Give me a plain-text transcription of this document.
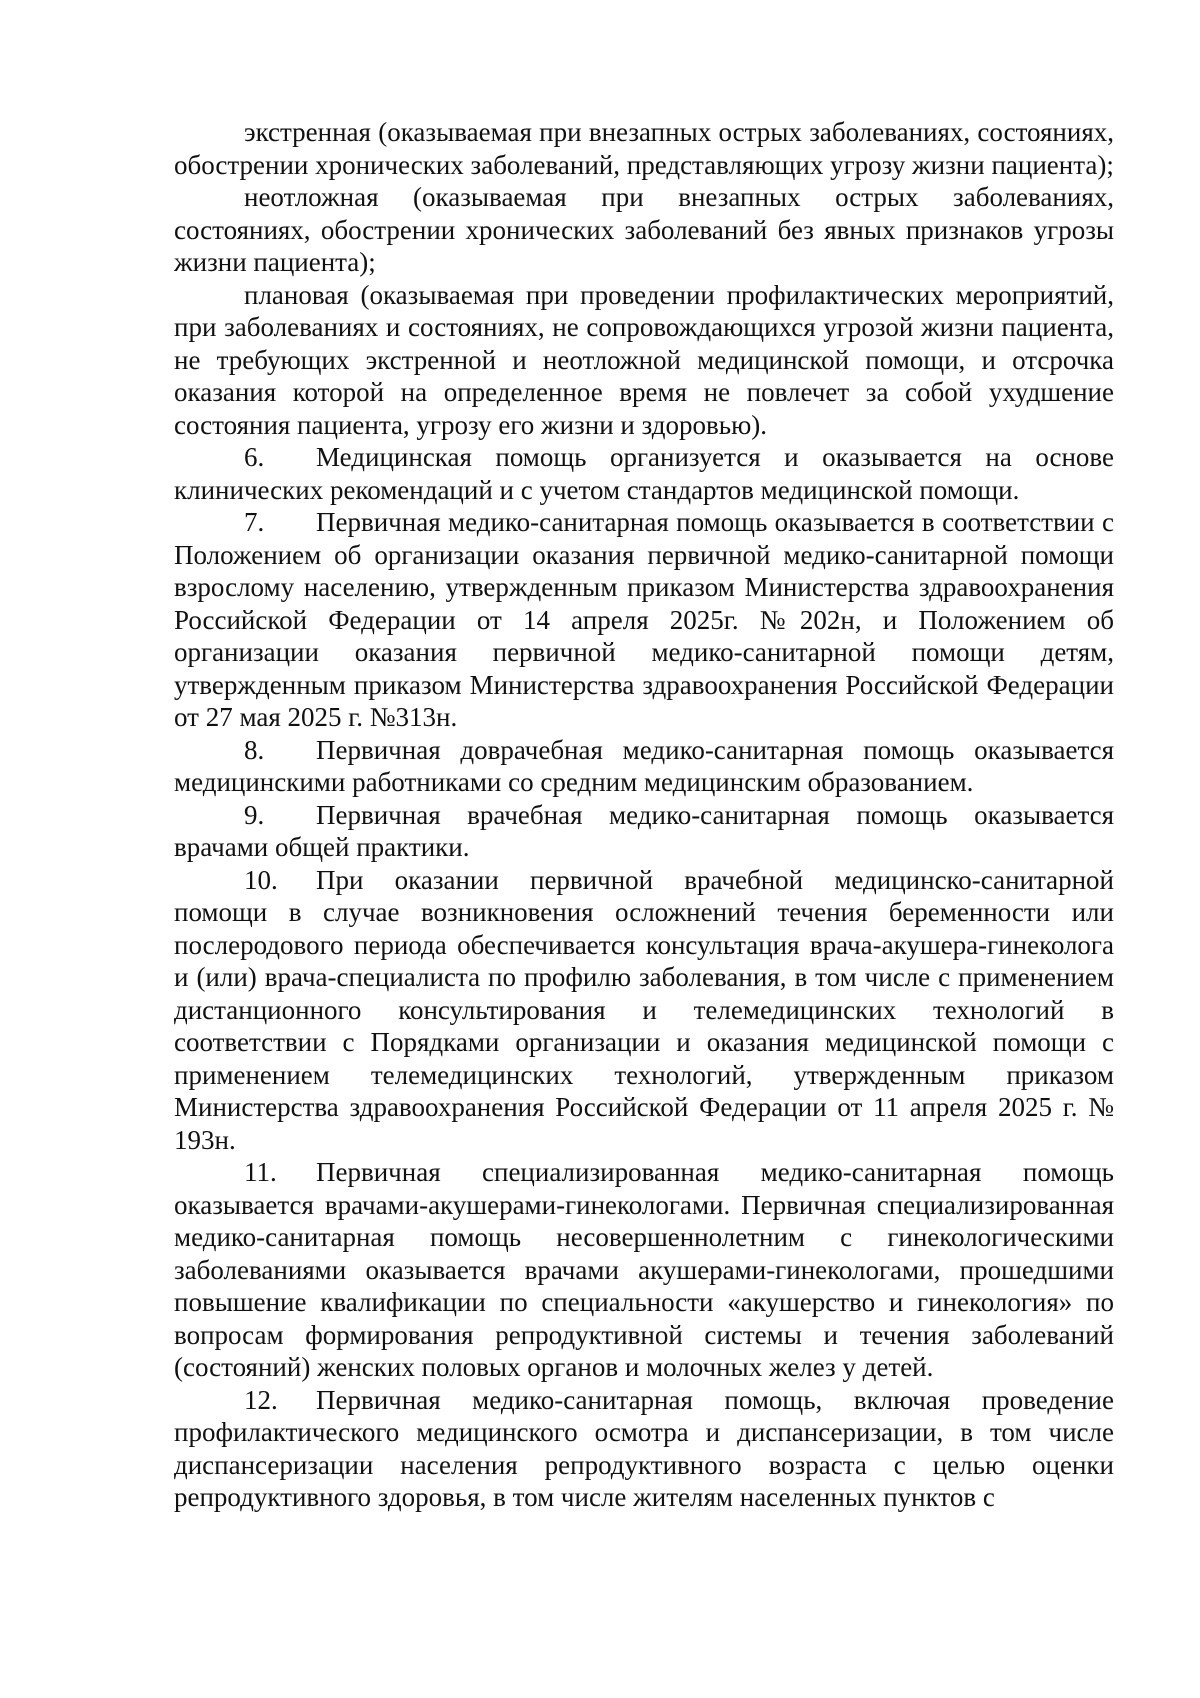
экстренная (оказываемая при внезапных острых заболеваниях, состояниях, обострении хронических заболеваний, представляющих угрозу жизни пациента);

неотложная (оказываемая при внезапных острых заболеваниях, состояниях, обострении хронических заболеваний без явных признаков угрозы жизни пациента);

плановая (оказываемая при проведении профилактических мероприятий, при заболеваниях и состояниях, не сопровождающихся угрозой жизни пациента, не требующих экстренной и неотложной медицинской помощи, и отсрочка оказания которой на определенное время не повлечет за собой ухудшение состояния пациента, угрозу его жизни и здоровью).

6. Медицинская помощь организуется и оказывается на основе клинических рекомендаций и с учетом стандартов медицинской помощи.

7. Первичная медико-санитарная помощь оказывается в соответствии с Положением об организации оказания первичной медико-санитарной помощи взрослому населению, утвержденным приказом Министерства здравоохранения Российской Федерации от 14 апреля 2025г. №202н, и Положением об организации оказания первичной медико-санитарной помощи детям, утвержденным приказом Министерства здравоохранения Российской Федерации от 27 мая 2025 г. №313н.

8. Первичная доврачебная медико-санитарная помощь оказывается медицинскими работниками со средним медицинским образованием.

9. Первичная врачебная медико-санитарная помощь оказывается врачами общей практики.

10. При оказании первичной врачебной медицинско-санитарной помощи в случае возникновения осложнений течения беременности или послеродового периода обеспечивается консультация врача-акушера-гинеколога и (или) врача-специалиста по профилю заболевания, в том числе с применением дистанционного консультирования и телемедицинских технологий в соответствии с Порядками организации и оказания медицинской помощи с применением телемедицинских технологий, утвержденным приказом Министерства здравоохранения Российской Федерации от 11 апреля 2025 г. № 193н.

11. Первичная специализированная медико-санитарная помощь оказывается врачами-акушерами-гинекологами. Первичная специализированная медико-санитарная помощь несовершеннолетним с гинекологическими заболеваниями оказывается врачами акушерами-гинекологами, прошедшими повышение квалификации по специальности «акушерство и гинекология» по вопросам формирования репродуктивной системы и течения заболеваний (состояний) женских половых органов и молочных желез у детей.

12. Первичная медико-санитарная помощь, включая проведение профилактического медицинского осмотра и диспансеризации, в том числе диспансеризации населения репродуктивного возраста с целью оценки репродуктивного здоровья, в том числе жителям населенных пунктов с
